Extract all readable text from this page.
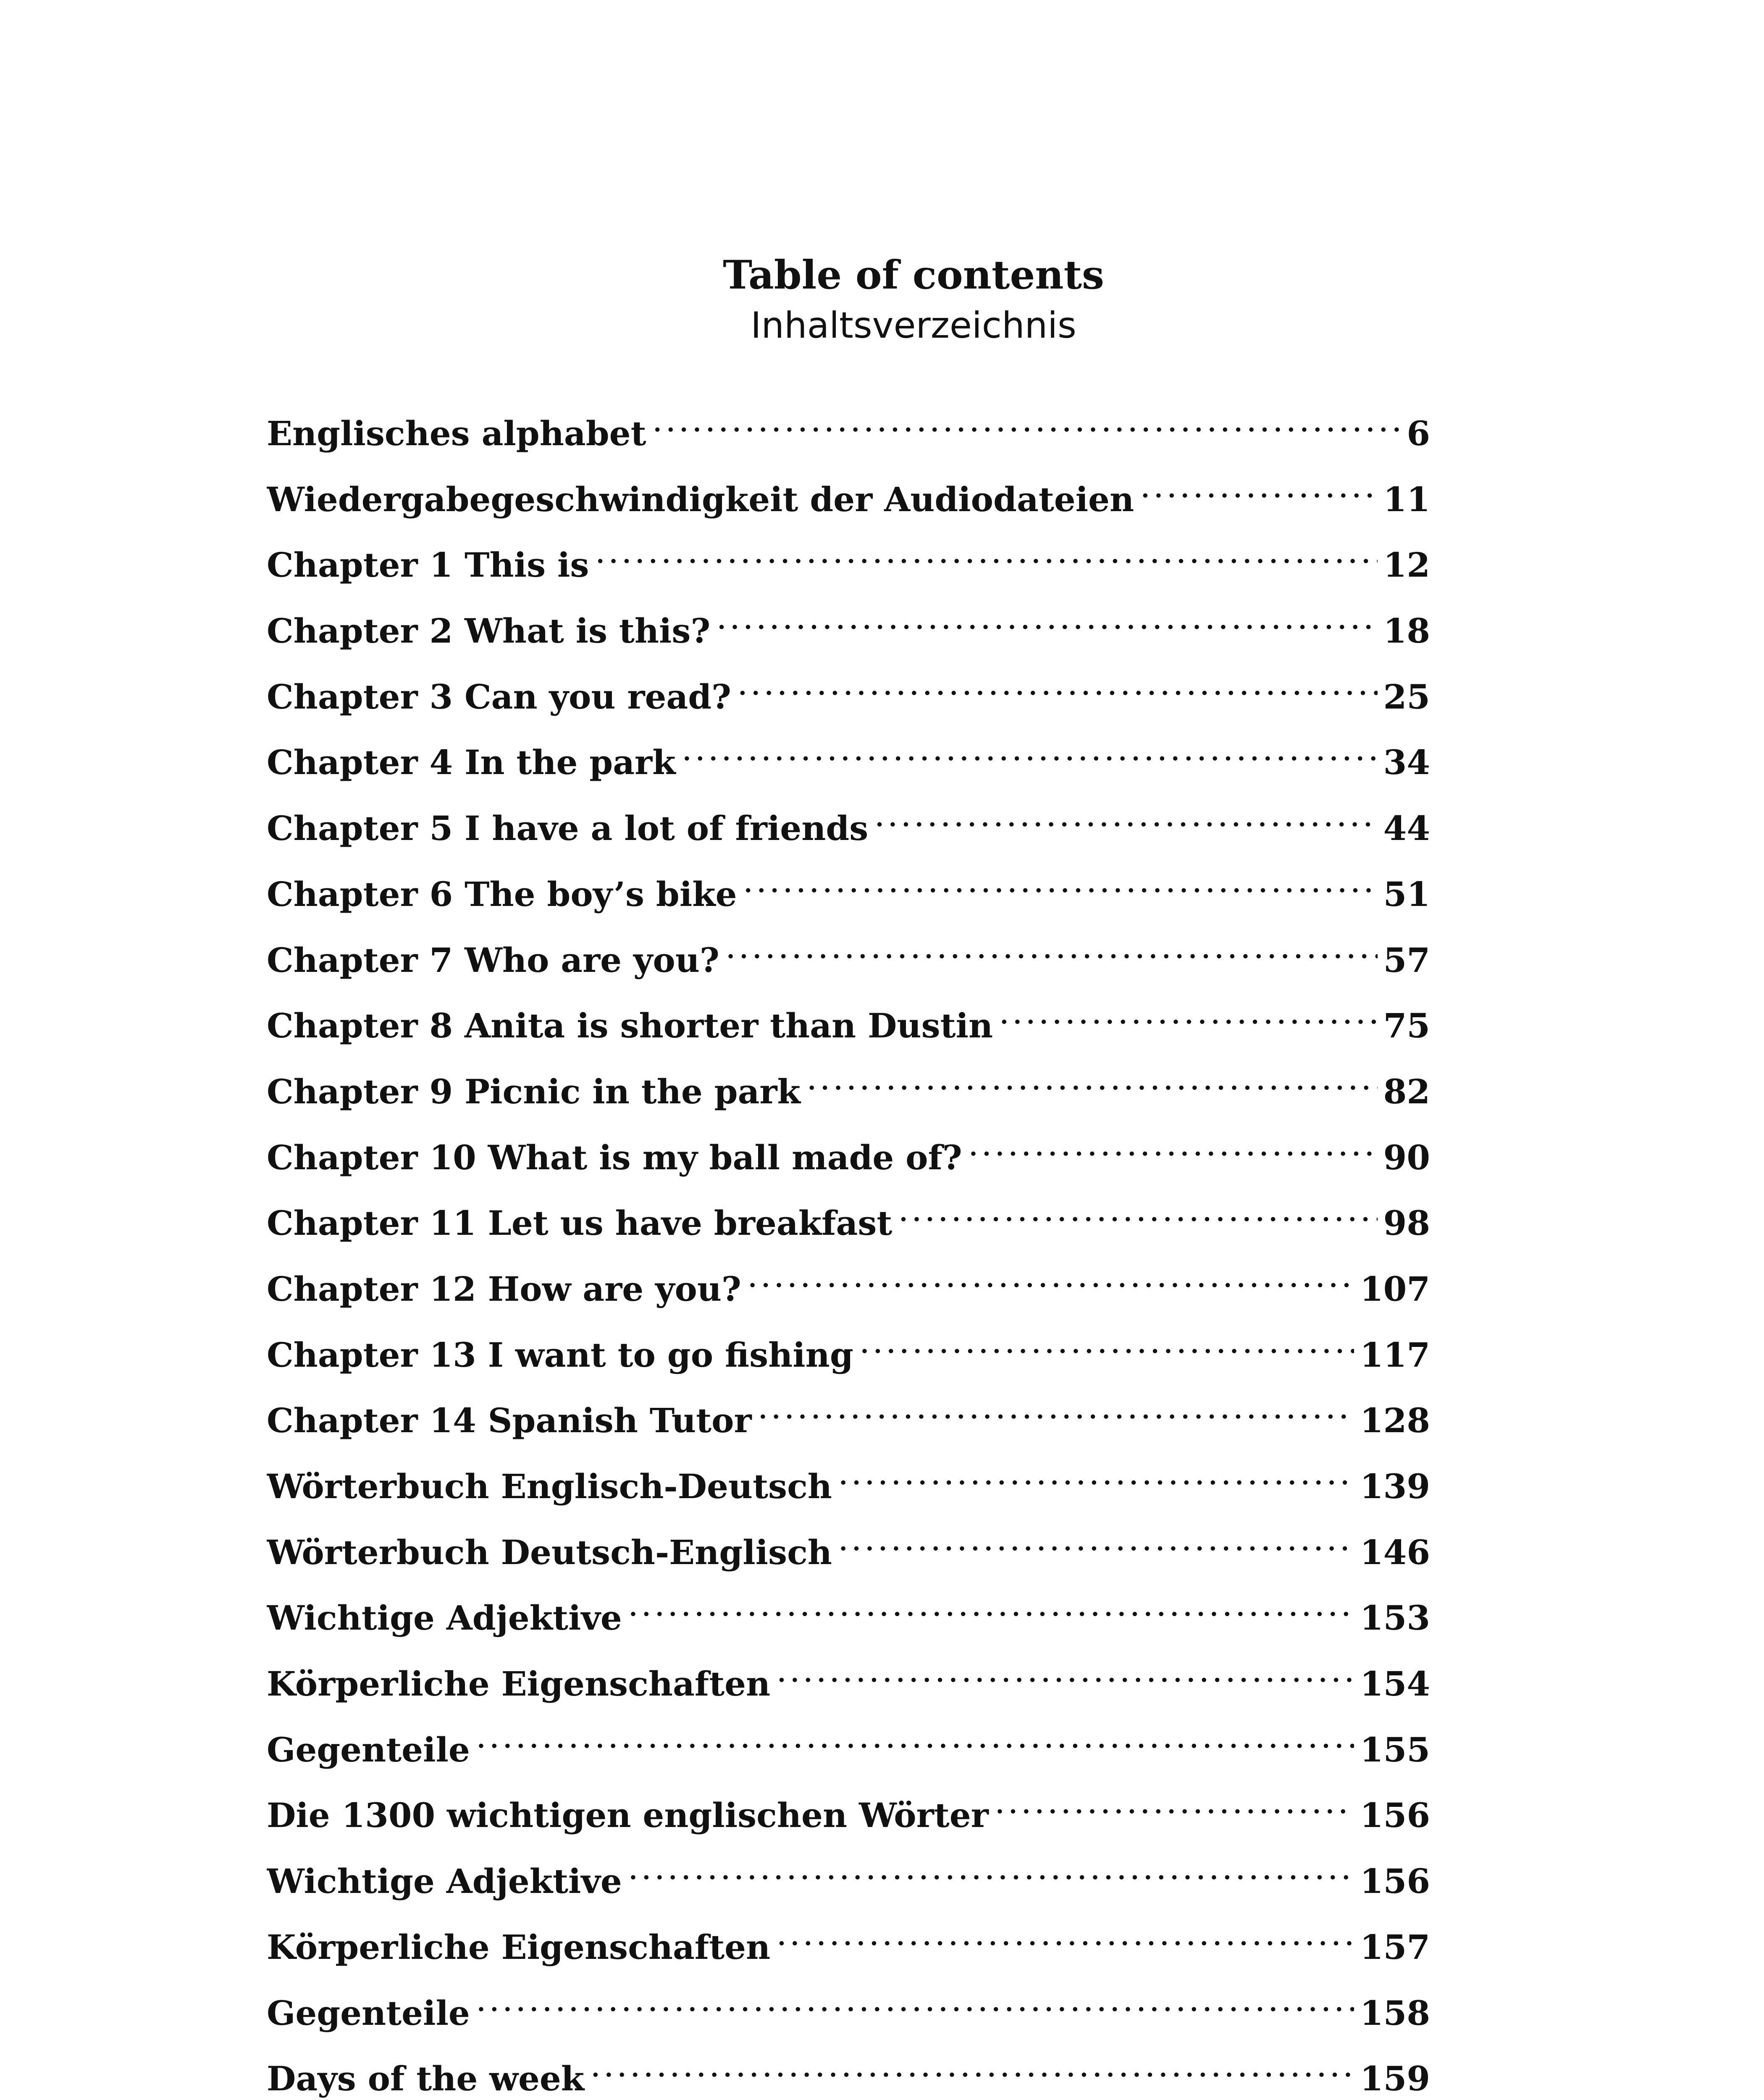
Table of contents
Inhaltsverzeichnis
Englisches alphabet .....	6
Wiedergabegeschwindigkeit der Audiodateien .....	11
Chapter 1 This is .....	12
Chapter 2 What is this? .....	18
Chapter 3 Can you read? .....	25
Chapter 4 In the park .....	34
Chapter 5 I have a lot of friends .....	44
Chapter 6 The boy’s bike .....	51
Chapter 7 Who are you? .....	57
Chapter 8 Anita is shorter than Dustin .....	75
Chapter 9 Picnic in the park .....	82
Chapter 10 What is my ball made of? .....	90
Chapter 11 Let us have breakfast .....	98
Chapter 12 How are you? .....	107
Chapter 13 I want to go fishing .....	117
Chapter 14 Spanish Tutor .....	128
Wörterbuch Englisch-Deutsch .....	139
Wörterbuch Deutsch-Englisch .....	146
Wichtige Adjektive .....	153
Körperliche Eigenschaften .....	154
Gegenteile .....	155
Die 1300 wichtigen englischen Wörter .....	156
Wichtige Adjektive .....	156
Körperliche Eigenschaften .....	157
Gegenteile .....	158
Days of the week .....	159
